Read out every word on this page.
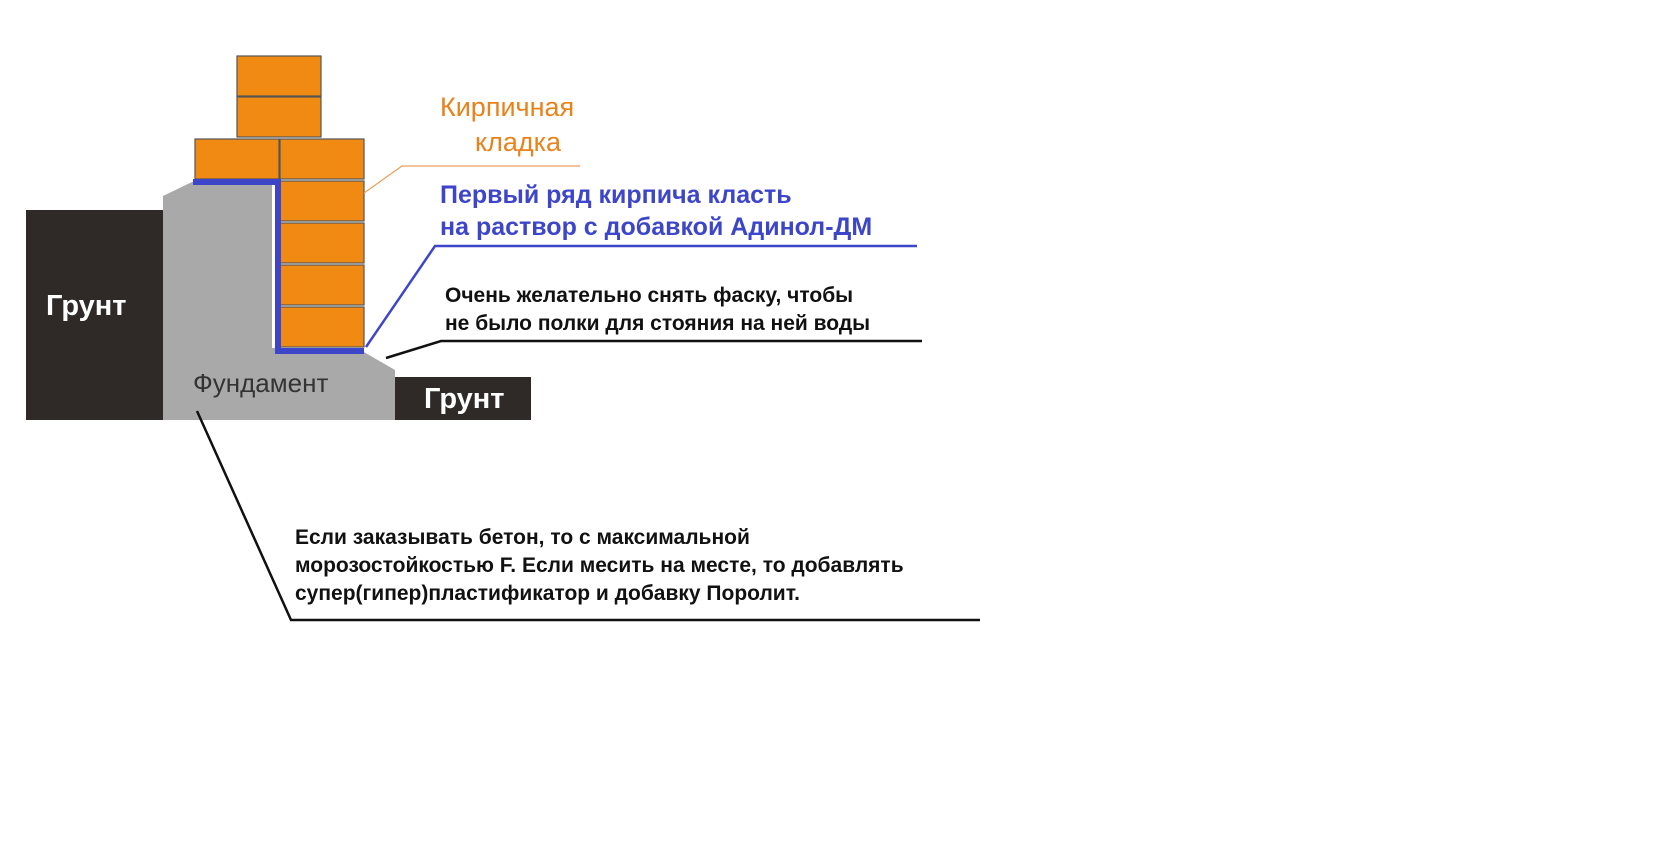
Грунт
Грунт
Фундамент
Кирпичная
кладка
Первый ряд кирпича класть
на раствор с добавкой Адинол-ДМ
Очень желательно снять фаску, чтобы
не было полки для стояния на ней воды
Если заказывать бетон, то с максимальной
морозостойкостью F. Если месить на месте, то добавлять
супер(гипер)пластификатор и добавку Поролит.
